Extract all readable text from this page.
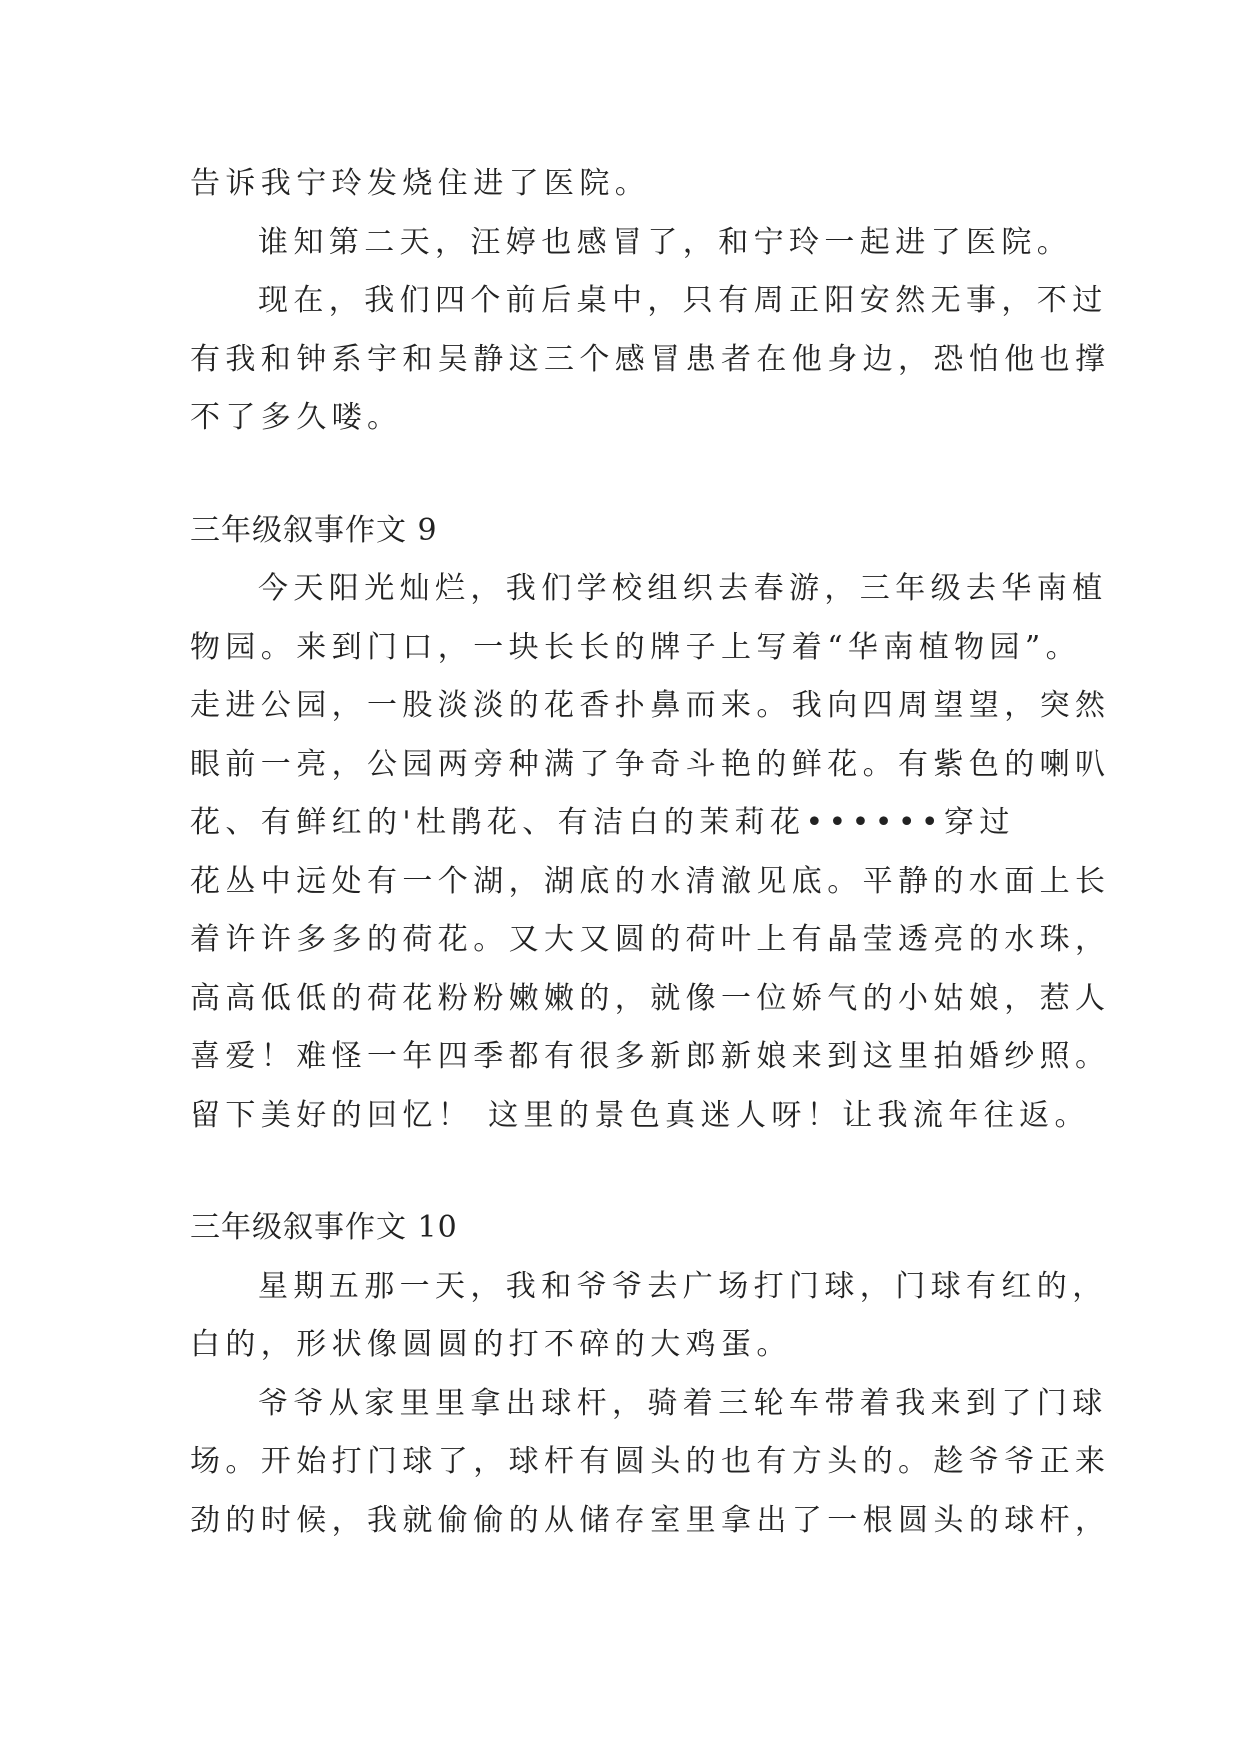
告诉我宁玲发烧住进了医院。
谁知第二天，汪婷也感冒了，和宁玲一起进了医院。
现在，我们四个前后桌中，只有周正阳安然无事，不过
有我和钟系宇和吴静这三个感冒患者在他身边，恐怕他也撑
不了多久喽。
三年级叙事作文 9
今天阳光灿烂，我们学校组织去春游，三年级去华南植
物园。来到门口，一块长长的牌子上写着“华南植物园”。
走进公园，一股淡淡的花香扑鼻而来。我向四周望望，突然
眼前一亮，公园两旁种满了争奇斗艳的鲜花。有紫色的喇叭
花、有鲜红的'杜鹃花、有洁白的茉莉花••••••穿过
花丛中远处有一个湖，湖底的水清澈见底。平静的水面上长
着许许多多的荷花。又大又圆的荷叶上有晶莹透亮的水珠，
高高低低的荷花粉粉嫩嫩的，就像一位娇气的小姑娘，惹人
喜爱！难怪一年四季都有很多新郎新娘来到这里拍婚纱照。
留下美好的回忆！ 这里的景色真迷人呀！让我流年往返。
三年级叙事作文 10
星期五那一天，我和爷爷去广场打门球，门球有红的，
白的，形状像圆圆的打不碎的大鸡蛋。
爷爷从家里里拿出球杆，骑着三轮车带着我来到了门球
场。开始打门球了，球杆有圆头的也有方头的。趁爷爷正来
劲的时候，我就偷偷的从储存室里拿出了一根圆头的球杆，
